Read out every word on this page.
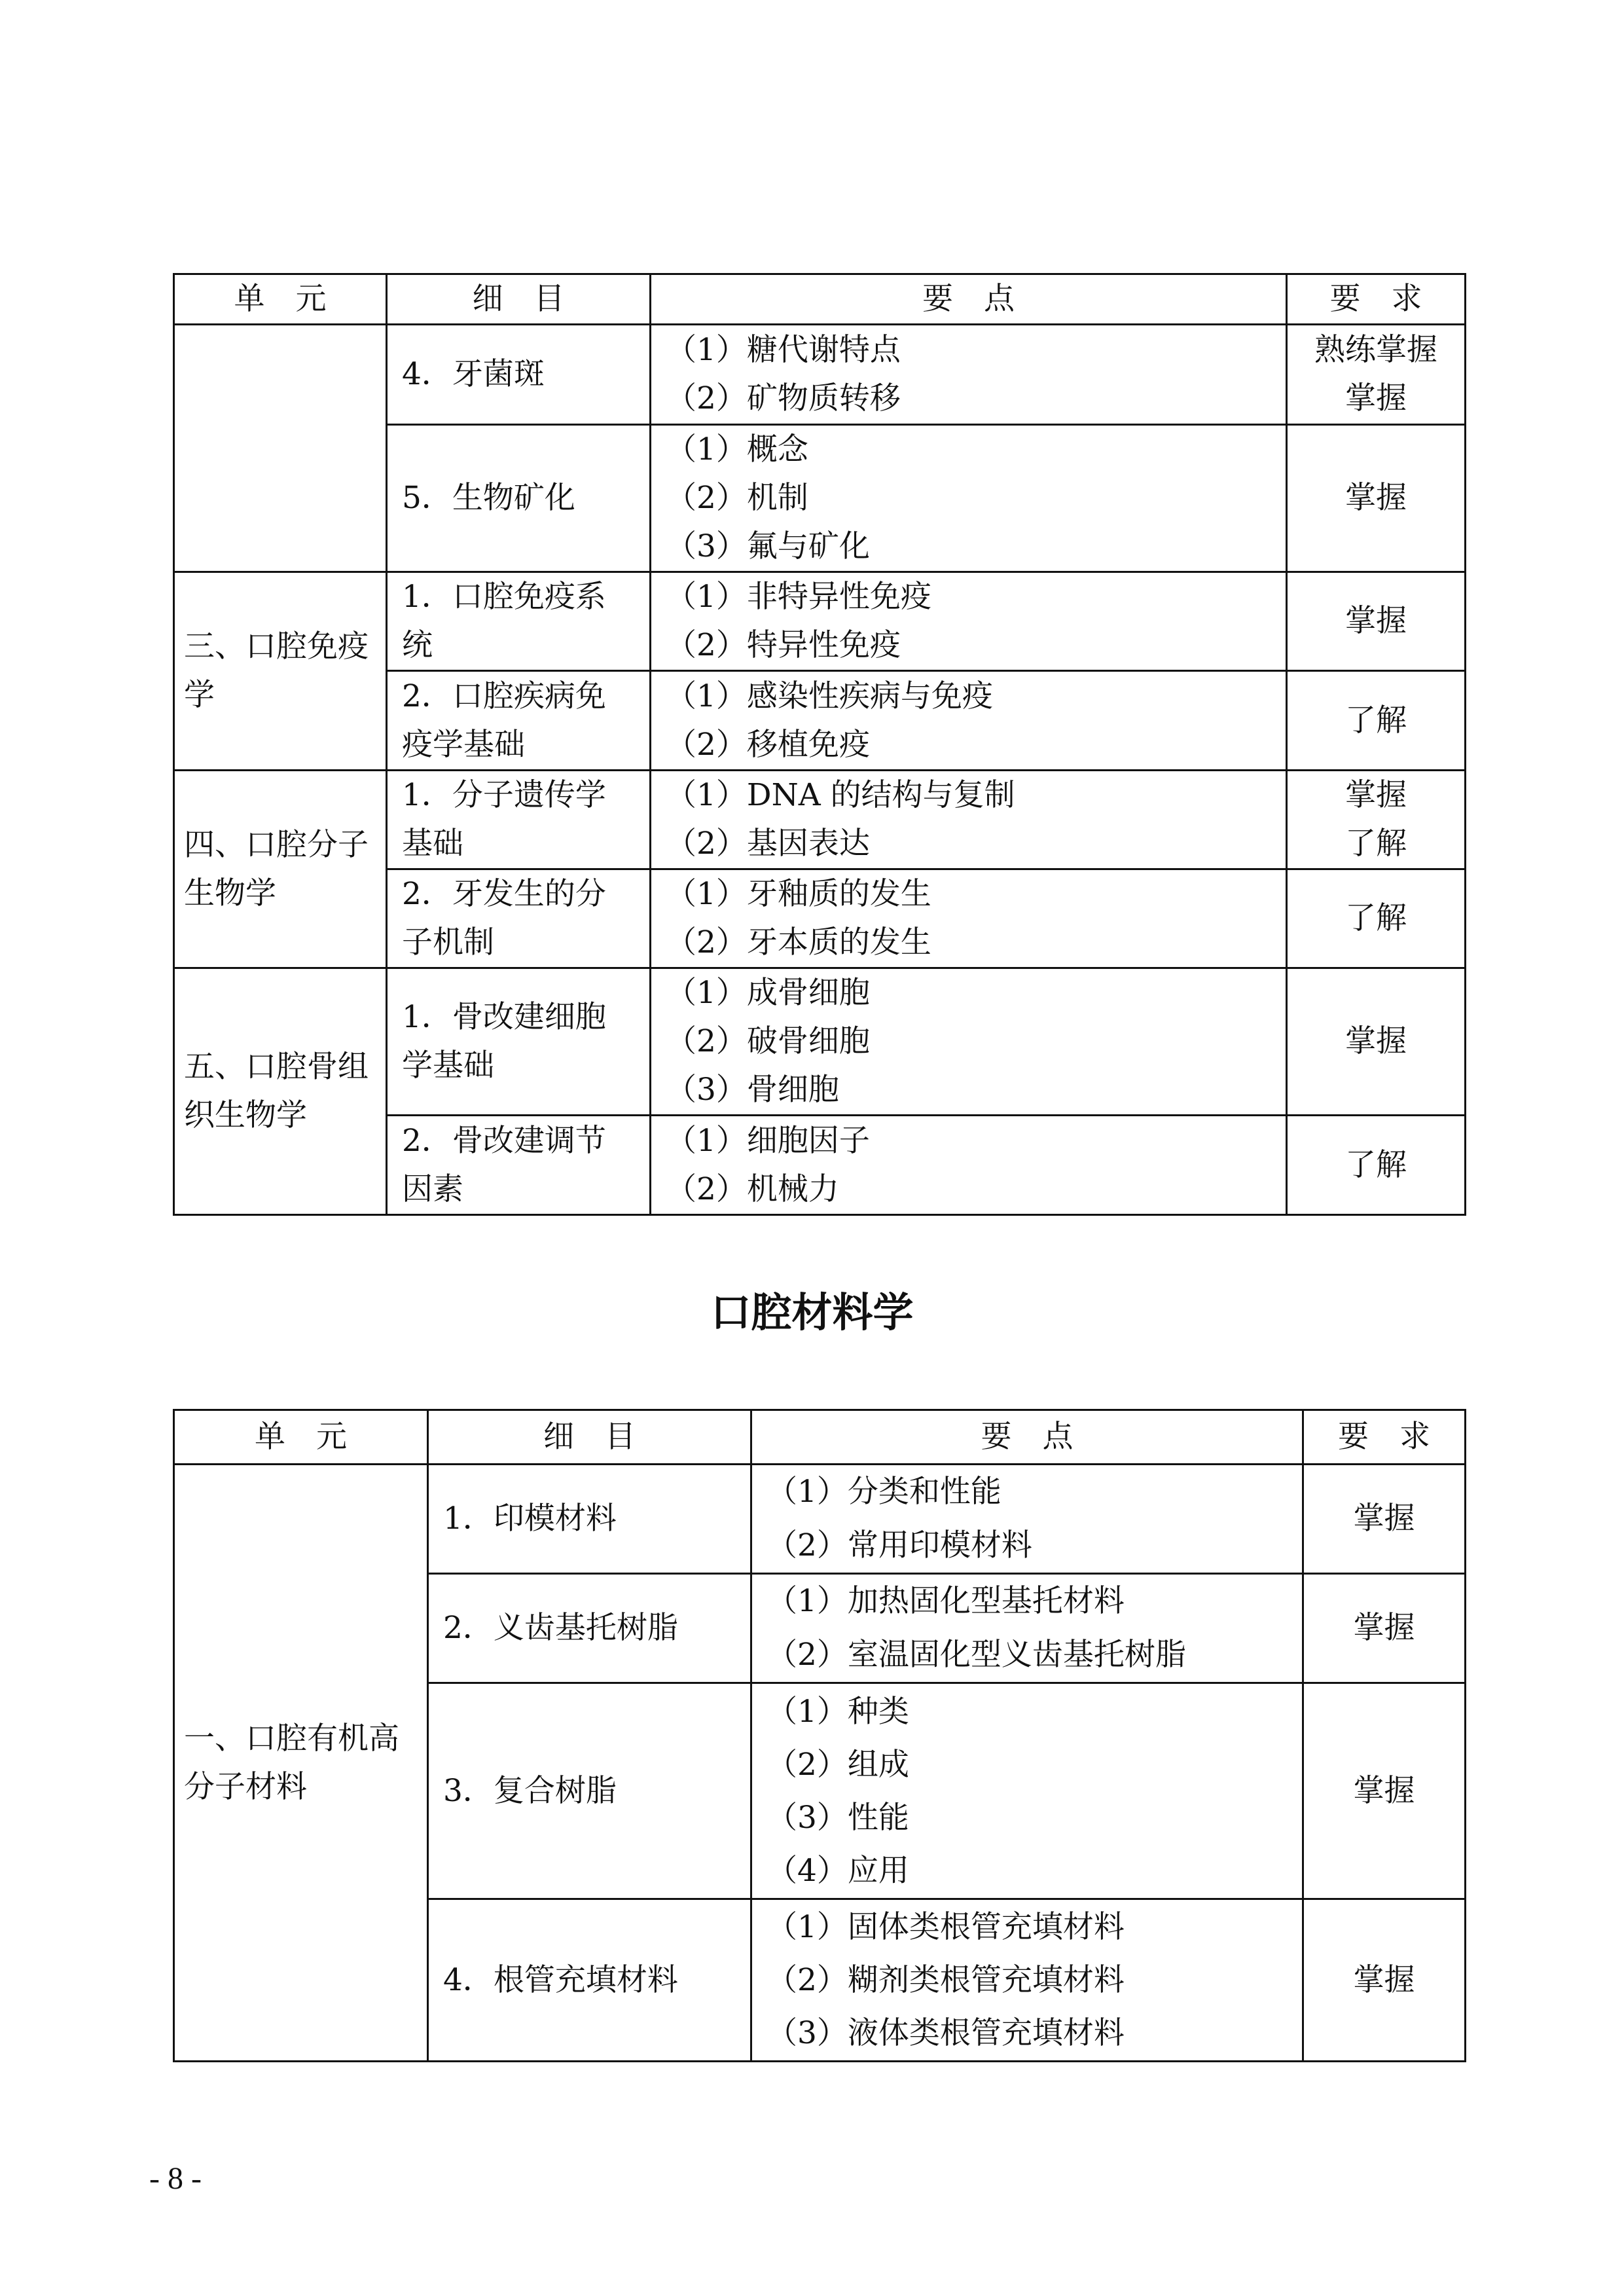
单　元	细　目	要　点	要　求
	4．牙菌斑	（1）糖代谢特点
（2）矿物质转移	熟练掌握
掌握

	5．生物矿化	（1）概念
（2）机制
（3）氟与矿化	掌握

三、口腔免疫学	1．口腔免疫系统	（1）非特异性免疫
（2）特异性免疫	掌握

	2．口腔疾病免疫学基础	（1）感染性疾病与免疫
（2）移植免疫	了解

四、口腔分子生物学	1．分子遗传学基础	（1）DNA 的结构与复制
（2）基因表达	掌握
了解

	2．牙发生的分子机制	（1）牙釉质的发生
（2）牙本质的发生	了解

五、口腔骨组织生物学	1．骨改建细胞学基础	（1）成骨细胞
（2）破骨细胞
（3）骨细胞	掌握

	2．骨改建调节因素	（1）细胞因子
（2）机械力	了解
口腔材料学
单　元	细　目	要　点	要　求
一、口腔有机高分子材料	1．印模材料	（1）分类和性能
（2）常用印模材料	掌握

	2．义齿基托树脂	（1）加热固化型基托材料
（2）室温固化型义齿基托树脂	掌握

	3．复合树脂	（1）种类
（2）组成
（3）性能
（4）应用	掌握

	4．根管充填材料	（1）固体类根管充填材料
（2）糊剂类根管充填材料
（3）液体类根管充填材料	掌握
- 8 -
